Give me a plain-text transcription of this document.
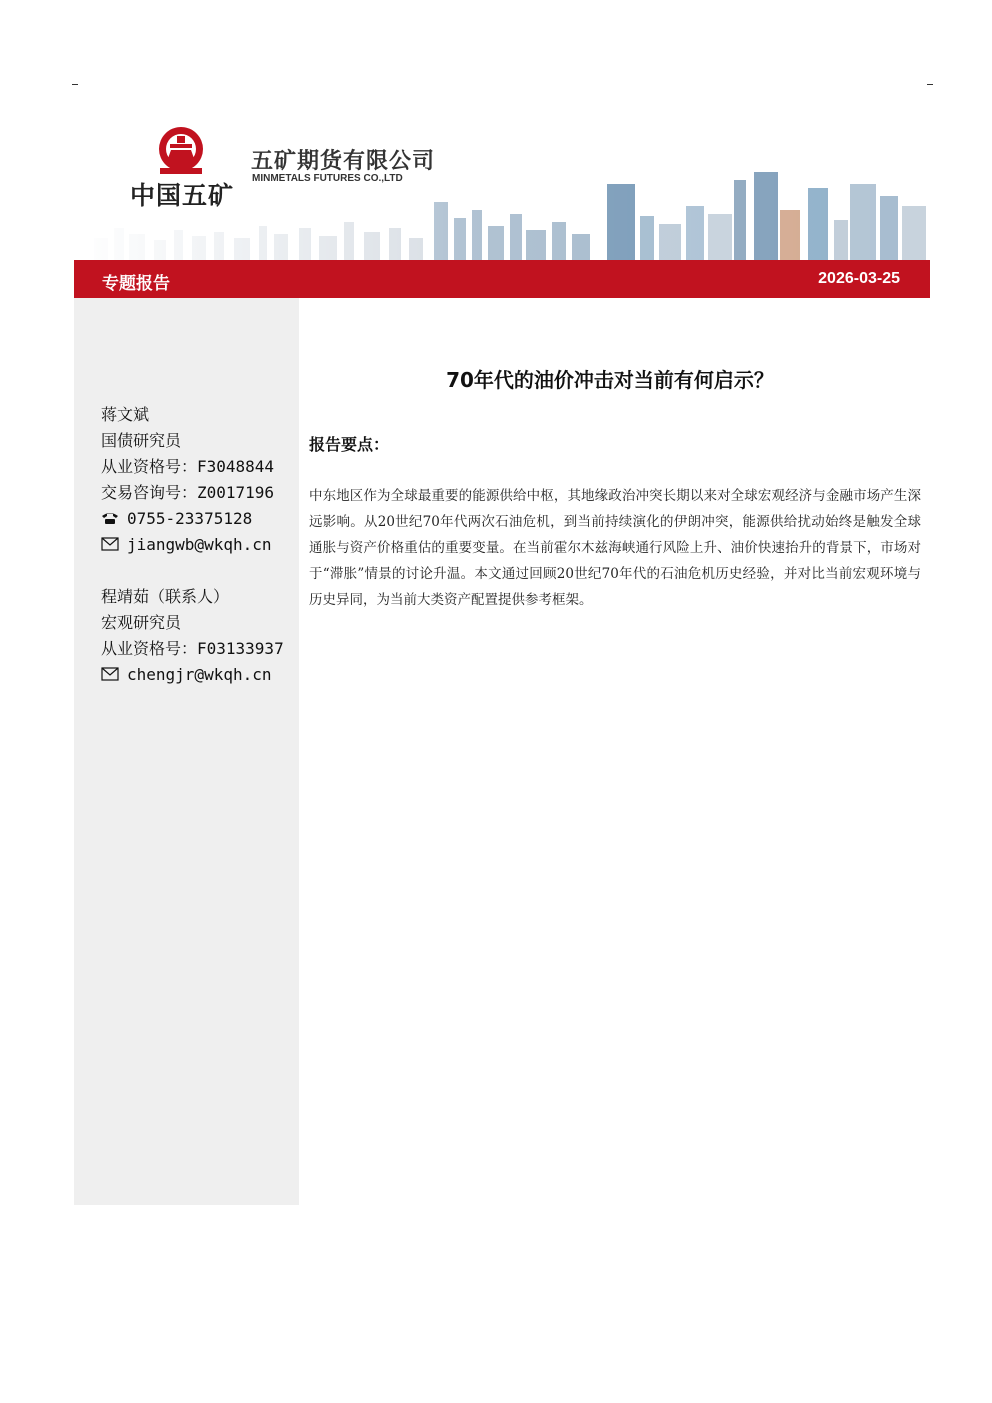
中国五矿
五矿期货有限公司
MINMETALS FUTURES CO.,LTD
专题报告	2026-03-25
蒋文斌
国债研究员
从业资格号：F3048844
交易咨询号：Z0017196
0755-23375128
jiangwb@wkqh.cn
程靖茹（联系人）
宏观研究员
从业资格号：F03133937
chengjr@wkqh.cn
70年代的油价冲击对当前有何启示？
报告要点：
中东地区作为全球最重要的能源供给中枢，其地缘政治冲突长期以来对全球宏观经济与金融市场产生深远影响。从20世纪70年代两次石油危机，到当前持续演化的伊朗冲突，能源供给扰动始终是触发全球通胀与资产价格重估的重要变量。在当前霍尔木兹海峡通行风险上升、油价快速抬升的背景下，市场对于“滞胀”情景的讨论升温。本文通过回顾20世纪70年代的石油危机历史经验，并对比当前宏观环境与历史异同，为当前大类资产配置提供参考框架。
